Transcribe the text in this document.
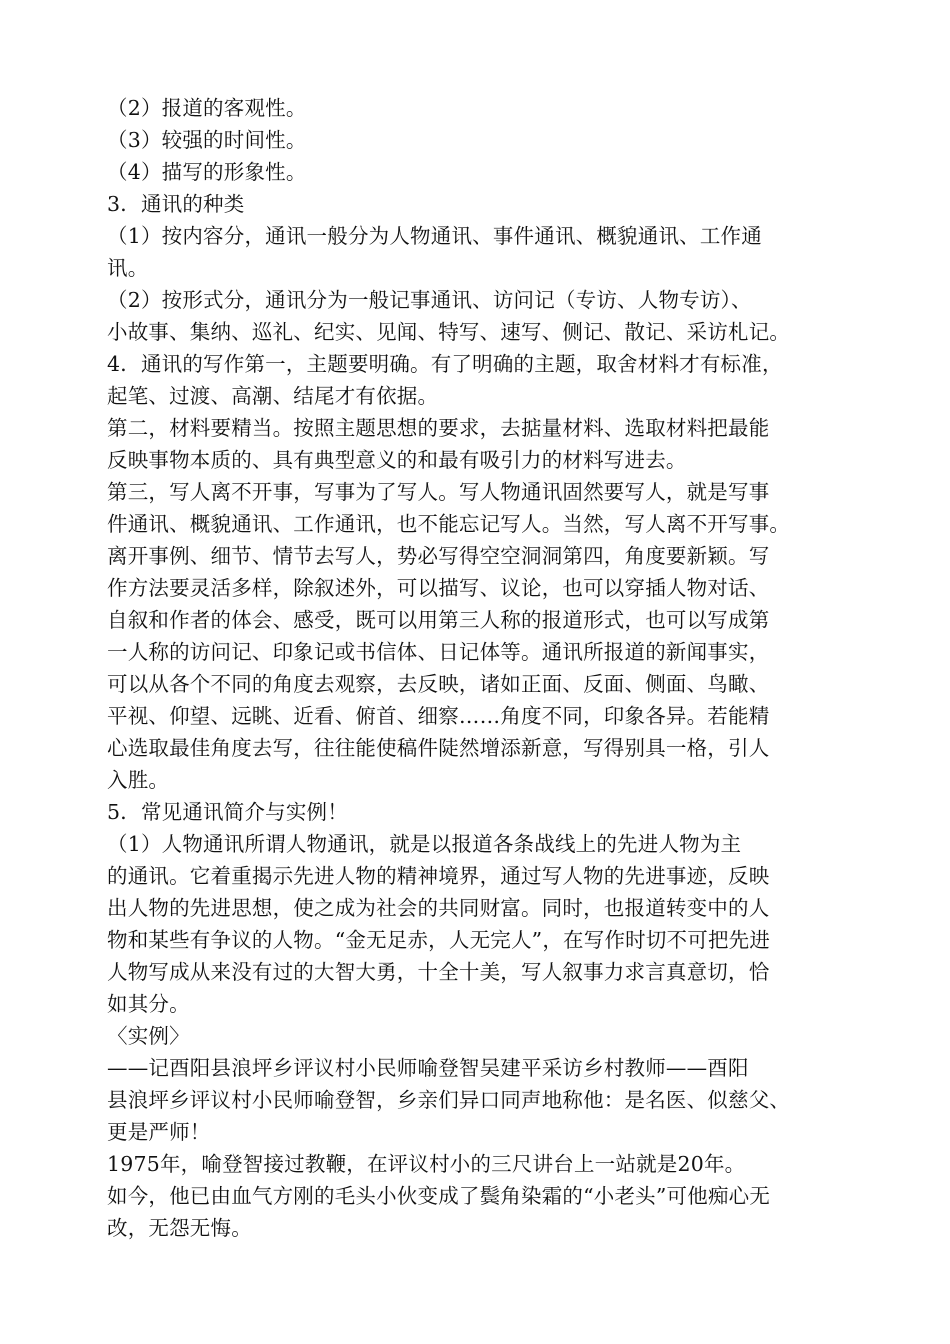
（2）报道的客观性。
（3）较强的时间性。
（4）描写的形象性。
3．通讯的种类
（1）按内容分，通讯一般分为人物通讯、事件通讯、概貌通讯、工作通
讯。
（2）按形式分，通讯分为一般记事通讯、访问记（专访、人物专访）、
小故事、集纳、巡礼、纪实、见闻、特写、速写、侧记、散记、采访札记。
4．通讯的写作第一，主题要明确。有了明确的主题，取舍材料才有标准，
起笔、过渡、高潮、结尾才有依据。
第二，材料要精当。按照主题思想的要求，去掂量材料、选取材料把最能
反映事物本质的、具有典型意义的和最有吸引力的材料写进去。
第三，写人离不开事，写事为了写人。写人物通讯固然要写人，就是写事
件通讯、概貌通讯、工作通讯，也不能忘记写人。当然，写人离不开写事。
离开事例、细节、情节去写人，势必写得空空洞洞第四，角度要新颖。写
作方法要灵活多样，除叙述外，可以描写、议论，也可以穿插人物对话、
自叙和作者的体会、感受，既可以用第三人称的报道形式，也可以写成第
一人称的访问记、印象记或书信体、日记体等。通讯所报道的新闻事实，
可以从各个不同的角度去观察，去反映，诸如正面、反面、侧面、鸟瞰、
平视、仰望、远眺、近看、俯首、细察……角度不同，印象各异。若能精
心选取最佳角度去写，往往能使稿件陡然增添新意，写得别具一格，引人
入胜。
5．常见通讯简介与实例！
（1）人物通讯所谓人物通讯，就是以报道各条战线上的先进人物为主
的通讯。它着重揭示先进人物的精神境界，通过写人物的先进事迹，反映
出人物的先进思想，使之成为社会的共同财富。同时，也报道转变中的人
物和某些有争议的人物。“金无足赤，人无完人”，在写作时切不可把先进
人物写成从来没有过的大智大勇，十全十美，写人叙事力求言真意切，恰
如其分。
〈实例〉
——记酉阳县浪坪乡评议村小民师喻登智吴建平采访乡村教师——酉阳
县浪坪乡评议村小民师喻登智，乡亲们异口同声地称他：是名医、似慈父、
更是严师！
1975年，喻登智接过教鞭，在评议村小的三尺讲台上一站就是20年。
如今，他已由血气方刚的毛头小伙变成了鬓角染霜的“小老头”可他痴心无
改，无怨无悔。
